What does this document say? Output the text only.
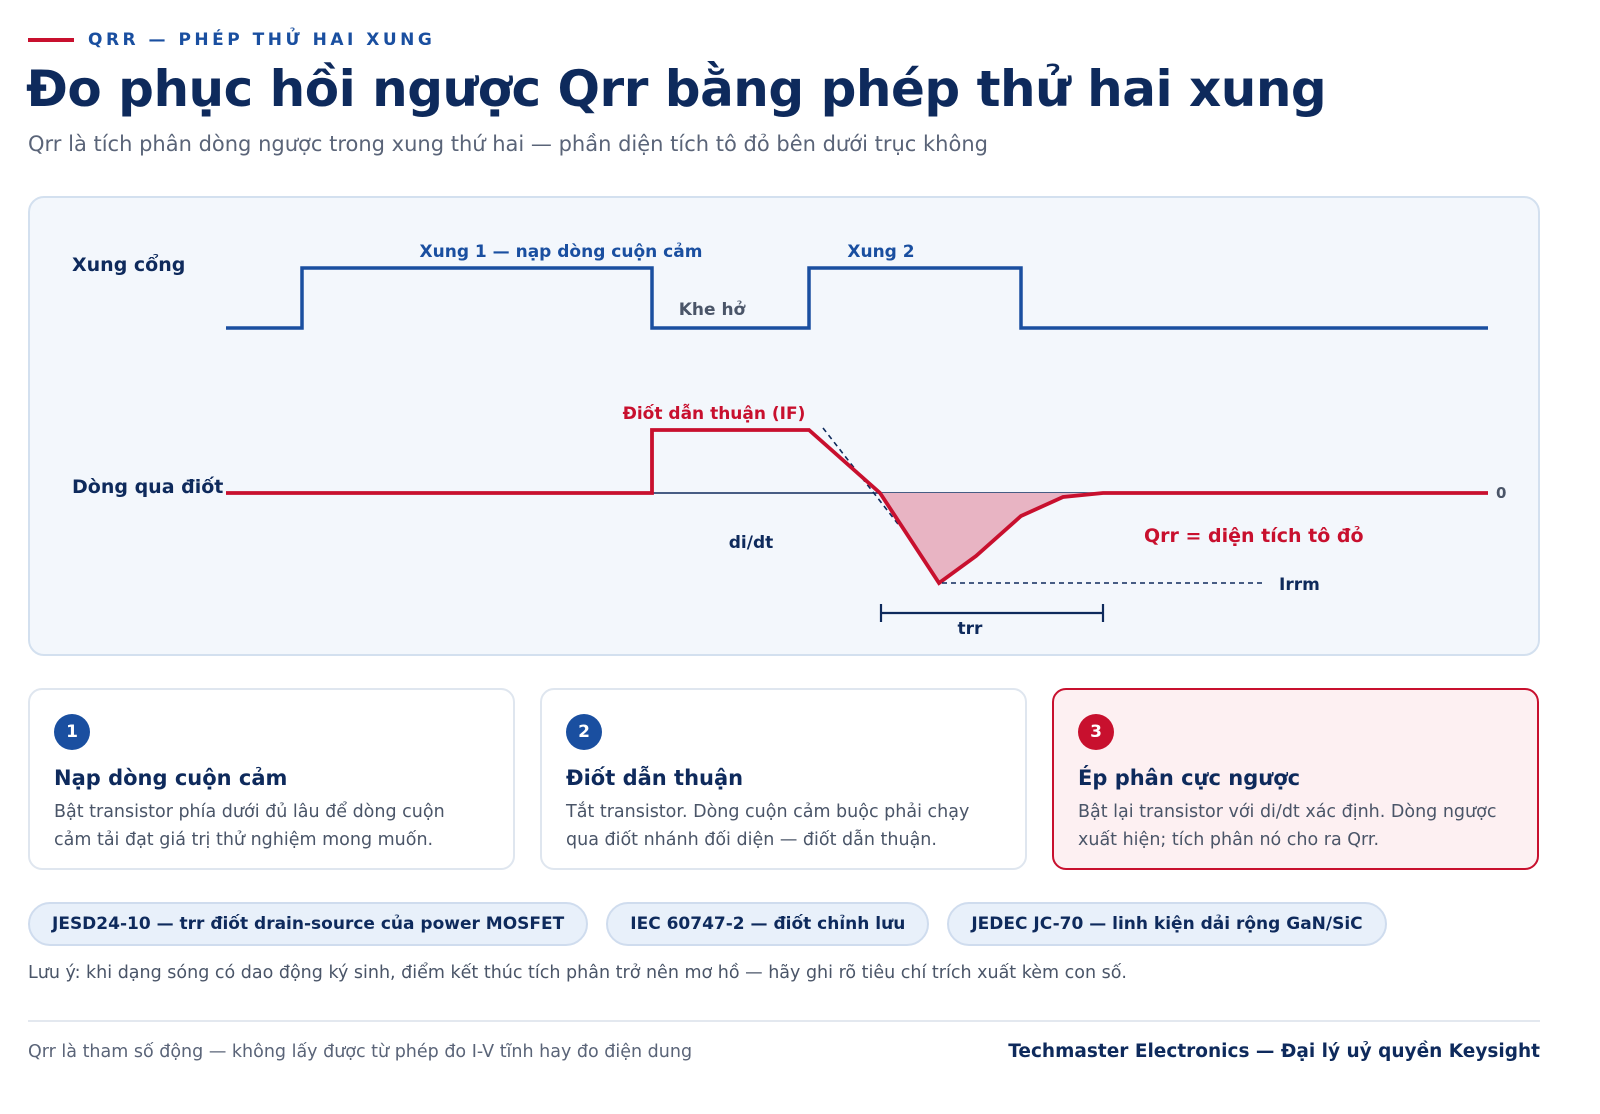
QRR — PHÉP THỬ HAI XUNG
Đo phục hồi ngược Qrr bằng phép thử hai xung

Qrr là tích phân dòng ngược trong xung thứ hai — phần diện tích tô đỏ bên dưới trục không

Xung cổng
Dòng qua điốt
Xung 1 — nạp dòng cuộn cảm	Xung 2
Khe hở
0
Điốt dẫn thuận (IF)
di/dt	Qrr = diện tích tô đỏ
Irrm
trr
1
Nạp dòng cuộn cảm
Bật transistor phía dưới đủ lâu để dòng cuộn
cảm tải đạt giá trị thử nghiệm mong muốn.
2
Điốt dẫn thuận
Tắt transistor. Dòng cuộn cảm buộc phải chạy
qua điốt nhánh đối diện — điốt dẫn thuận.
3
Ép phân cực ngược
Bật lại transistor với di/dt xác định. Dòng ngược
xuất hiện; tích phân nó cho ra Qrr.
JESD24-10 — trr điốt drain-source của power MOSFET	IEC 60747-2 — điốt chỉnh lưu	JEDEC JC-70 — linh kiện dải rộng GaN/SiC

Lưu ý: khi dạng sóng có dao động ký sinh, điểm kết thúc tích phân trở nên mơ hồ — hãy ghi rõ tiêu chí trích xuất kèm con số.

Qrr là tham số động — không lấy được từ phép đo I-V tĩnh hay đo điện dung	Techmaster Electronics — Đại lý uỷ quyền Keysight
